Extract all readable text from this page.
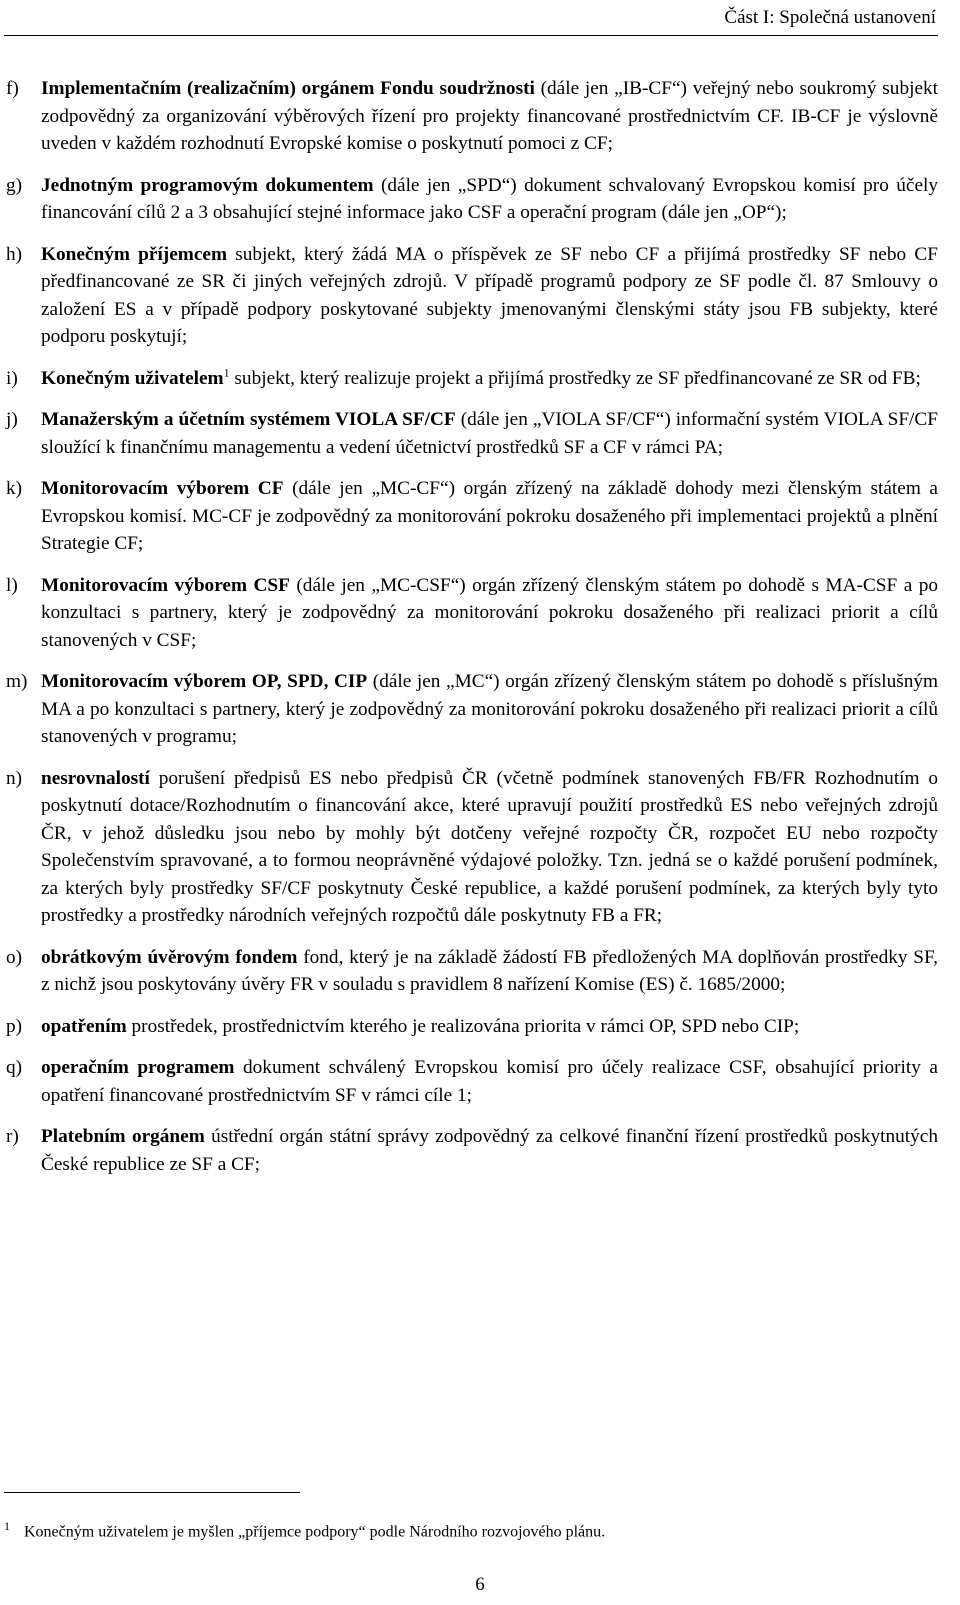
Část I: Společná ustanovení
f) Implementačním (realizačním) orgánem Fondu soudržnosti (dále jen „IB-CF“) veřejný nebo soukromý subjekt zodpovědný za organizování výběrových řízení pro projekty financované prostřednictvím CF. IB-CF je výslovně uveden v každém rozhodnutí Evropské komise o poskytnutí pomoci z CF;
g) Jednotným programovým dokumentem (dále jen „SPD“) dokument schvalovaný Evropskou komisí pro účely financování cílů 2 a 3 obsahující stejné informace jako CSF a operační program (dále jen „OP“);
h) Konečným příjemcem subjekt, který žádá MA o příspěvek ze SF nebo CF a přijímá prostředky SF nebo CF předfinancované ze SR či jiných veřejných zdrojů. V případě programů podpory ze SF podle čl. 87 Smlouvy o založení ES a v případě podpory poskytované subjekty jmenovanými členskými státy jsou FB subjekty, které podporu poskytují;
i) Konečným uživatelem$^1$ subjekt, který realizuje projekt a přijímá prostředky ze SF předfinancované ze SR od FB;
j) Manažerským a účetním systémem VIOLA SF/CF (dále jen „VIOLA SF/CF“) informační systém VIOLA SF/CF sloužící k finančnímu managementu a vedení účetnictví prostředků SF a CF v rámci PA;
k) Monitorovacím výborem CF (dále jen „MC-CF“) orgán zřízený na základě dohody mezi členským státem a Evropskou komisí. MC-CF je zodpovědný za monitorování pokroku dosaženého při implementaci projektů a plnění Strategie CF;
l) Monitorovacím výborem CSF (dále jen „MC-CSF“) orgán zřízený členským státem po dohodě s MA-CSF a po konzultaci s partnery, který je zodpovědný za monitorování pokroku dosaženého při realizaci priorit a cílů stanovených v CSF;
m) Monitorovacím výborem OP, SPD, CIP (dále jen „MC“) orgán zřízený členským státem po dohodě s příslušným MA a po konzultaci s partnery, který je zodpovědný za monitorování pokroku dosaženého při realizaci priorit a cílů stanovených v programu;
n) nesrovnalostí porušení předpisů ES nebo předpisů ČR (včetně podmínek stanovených FB/FR Rozhodnutím o poskytnutí dotace/Rozhodnutím o financování akce, které upravují použití prostředků ES nebo veřejných zdrojů ČR, v jehož důsledku jsou nebo by mohly být dotčeny veřejné rozpočty ČR, rozpočet EU nebo rozpočty Společenstvím spravované, a to formou neoprávněné výdajové položky. Tzn. jedná se o každé porušení podmínek, za kterých byly prostředky SF/CF poskytnuty České republice, a každé porušení podmínek, za kterých byly tyto prostředky a prostředky národních veřejných rozpočtů dále poskytnuty FB a FR;
o) obrátkovým úvěrovým fondem fond, který je na základě žádostí FB předložených MA doplňován prostředky SF, z nichž jsou poskytovány úvěry FR v souladu s pravidlem 8 nařízení Komise (ES) č. 1685/2000;
p) opatřením prostředek, prostřednictvím kterého je realizována priorita v rámci OP, SPD nebo CIP;
q) operačním programem dokument schválený Evropskou komisí pro účely realizace CSF, obsahující priority a opatření financované prostřednictvím SF v rámci cíle 1;
r) Platebním orgánem ústřední orgán státní správy zodpovědný za celkové finanční řízení prostředků poskytnutých České republice ze SF a CF;
$^1$ Konečným uživatelem je myšlen „příjemce podpory“ podle Národního rozvojového plánu.
6
